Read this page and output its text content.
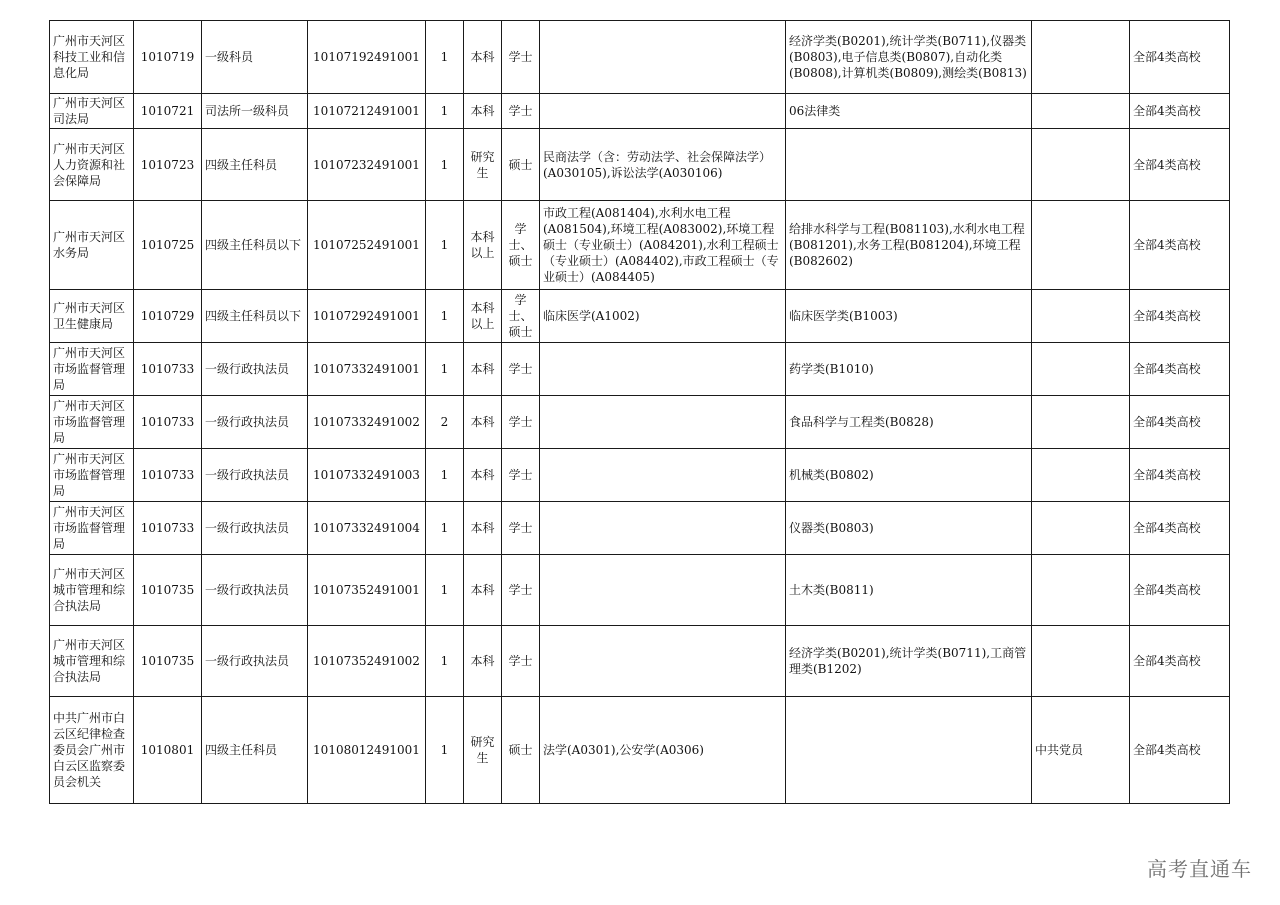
广州市天河区科技工业和信息化局	1010719	一级科员	10107192491001	1	本科	学士		经济学类(B0201),统计学类(B0711),仪器类(B0803),电子信息类(B0807),自动化类(B0808),计算机类(B0809),测绘类(B0813)		全部4类高校
广州市天河区司法局	1010721	司法所一级科员	10107212491001	1	本科	学士		06法律类		全部4类高校
广州市天河区人力资源和社会保障局	1010723	四级主任科员	10107232491001	1	研究生	硕士	民商法学（含：劳动法学、社会保障法学）(A030105),诉讼法学(A030106)			全部4类高校
广州市天河区水务局	1010725	四级主任科员以下	10107252491001	1	本科以上	学士、硕士	市政工程(A081404),水利水电工程(A081504),环境工程(A083002),环境工程硕士（专业硕士）(A084201),水利工程硕士（专业硕士）(A084402),市政工程硕士（专业硕士）(A084405)	给排水科学与工程(B081103),水利水电工程(B081201),水务工程(B081204),环境工程(B082602)		全部4类高校
广州市天河区卫生健康局	1010729	四级主任科员以下	10107292491001	1	本科以上	学士、硕士	临床医学(A1002)	临床医学类(B1003)		全部4类高校
广州市天河区市场监督管理局	1010733	一级行政执法员	10107332491001	1	本科	学士		药学类(B1010)		全部4类高校
广州市天河区市场监督管理局	1010733	一级行政执法员	10107332491002	2	本科	学士		食品科学与工程类(B0828)		全部4类高校
广州市天河区市场监督管理局	1010733	一级行政执法员	10107332491003	1	本科	学士		机械类(B0802)		全部4类高校
广州市天河区市场监督管理局	1010733	一级行政执法员	10107332491004	1	本科	学士		仪器类(B0803)		全部4类高校
广州市天河区城市管理和综合执法局	1010735	一级行政执法员	10107352491001	1	本科	学士		土木类(B0811)		全部4类高校
广州市天河区城市管理和综合执法局	1010735	一级行政执法员	10107352491002	1	本科	学士		经济学类(B0201),统计学类(B0711),工商管理类(B1202)		全部4类高校
中共广州市白云区纪律检查委员会广州市白云区监察委员会机关	1010801	四级主任科员	10108012491001	1	研究生	硕士	法学(A0301),公安学(A0306)		中共党员	全部4类高校
高考直通车
